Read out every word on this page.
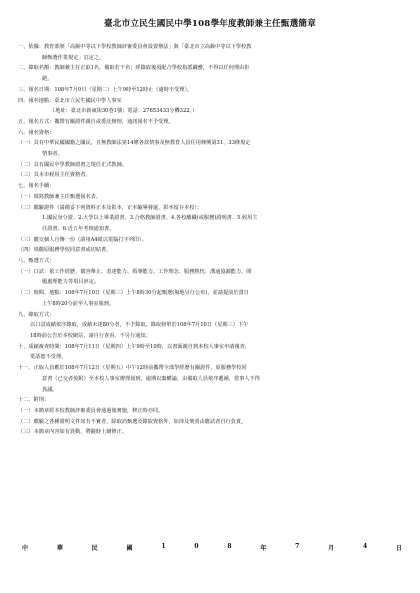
臺北市立民生國民中學108學年度教師兼主任甄選簡章
一、依據：教育部頒「高級中等以下學校教師評審委員會設置辦法」與「臺北市立高級中等以下學校教
師甄選作業規定」訂定之。
二、錄取名額：教師兼主任正取1名，備取若干名；經錄取後須配合學校指派職務，不得以任何理由拒
絕。
三、報名日期：108年7月9日（星期二）上午9時至12時止（逾時不受理）。
四、報名地點：臺北市立民生國民中學人事室
（地址：臺北市新東街30巷1號；電話：27653433分機322。）
五、報名方式：攜帶有關證件親自或委託辦理，通訊報名不予受理。
六、報名資格：
（一）具有中華民國國籍之國民，且無教師法第14條各款情事及無教育人員任用條例第31、33條規定
情事者。
（二）具有國民中學教師證書之現任正式教師。
（三）具本市候用主任資格者。
七、報名手續：
（一）填寫教師兼主任甄選報名表。
（二）繳驗證件（請備妥下列資料正本及影本，正本驗畢發還，影本留存本校）：
1.國民身分證、2.大學以上畢業證書、3.合格教師證書、4.各校離職(或服務)證明書、5.候用主
任證書、6.近五年考核通知書。
（三）繳交個人自傳一份（請用A4紙以電腦打字列印）。
（四）填繳原服務學校同意書或切結書。
八、甄選方式：
（一）口試：依工作經歷、儀容舉止、表達能力、領導能力、工作理念、服務熱忱、溝通協調能力、問
題處理能力等項目評定。
（二）時間、地點：108年7月10日（星期三）上午8時30分起甄選(場地另行公布)，並請提前於當日
上午8時20分前至人事室報到。
九、錄取方式：
以口試成績依序錄取，成績未達80分者，不予錄取。錄取榜單於108年7月10日（星期三）下午
18時前公告於本校網站，請自行查看，不另行通知。
十、成績複查時間：108年7月11日（星期四）上午9時至10時，以書面親自到本校人事室申請複查，
電話恕不受理。
十一、正取人員應於108年7月12日（星期五）中午12時前攜帶全部學經歷有關證件、原服務學校同
意書（已交者免附）至本校人事室辦理報到，逾期以棄權論，由備取人員依序遞補，當事人不得
異議。
十二、附則：
（一）本簡章經本校教師評審委員會通過後實施，修正時亦同。
（二）繳驗之各種證明文件如有不實者，除取消甄選及錄取資格外，如涉及刑責由應試者自行負責。
（三）本簡章內容如有異動，將隨時上網修正。
中	華	民	國	1	0	8	年	7	月	4	日
